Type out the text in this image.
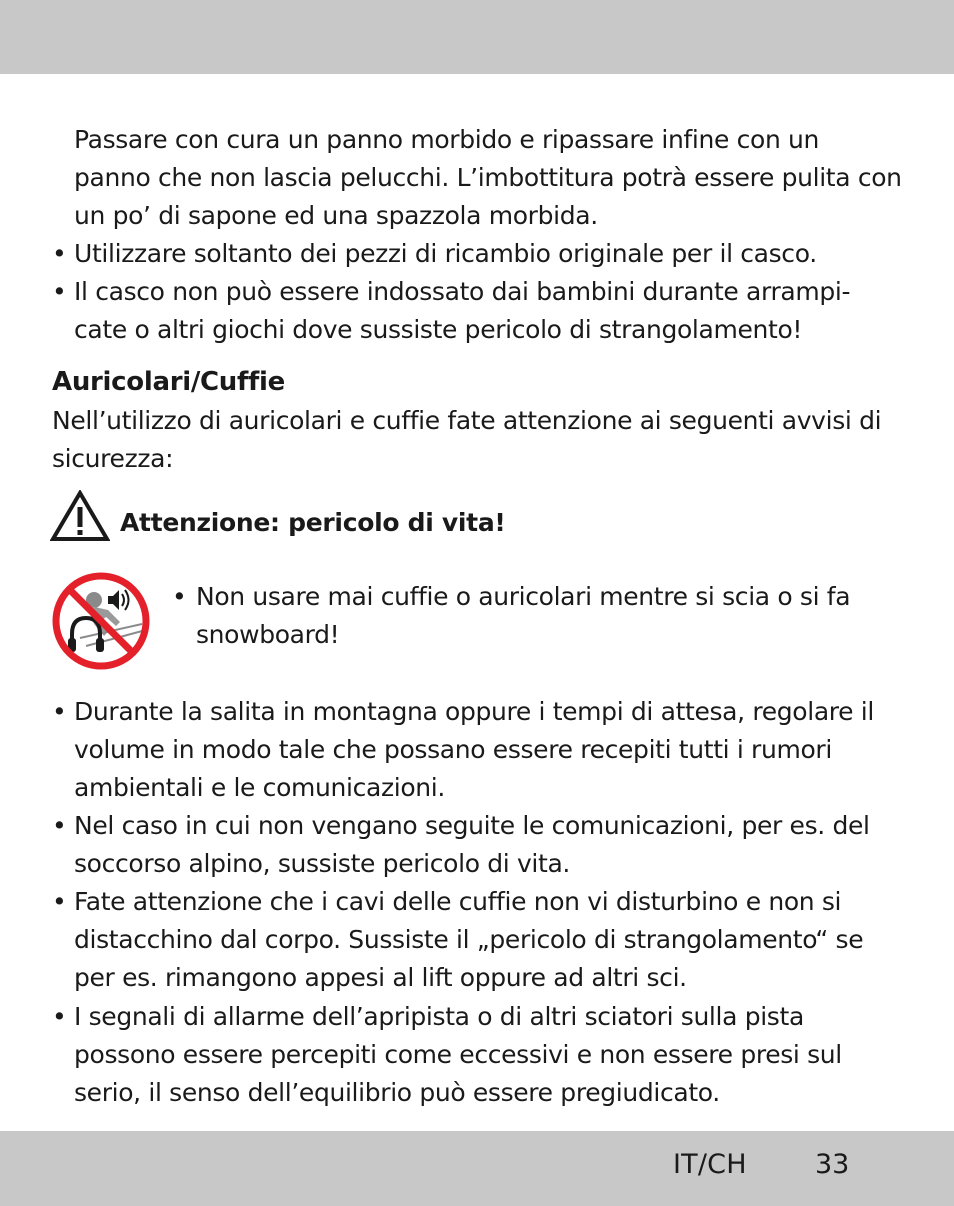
Passare con cura un panno morbido e ripassare infine con un
panno che non lascia pelucchi. L’imbottitura potrà essere pulita con
un po’ di sapone ed una spazzola morbida.
• Utilizzare soltanto dei pezzi di ricambio originale per il casco.
• Il casco non può essere indossato dai bambini durante arrampi-
cate o altri giochi dove sussiste pericolo di strangolamento!
Auricolari/Cuffie
Nell’utilizzo di auricolari e cuffie fate attenzione ai seguenti avvisi di
sicurezza:
Attenzione: pericolo di vita!
• Non usare mai cuffie o auricolari mentre si scia o si fa
snowboard!
• Durante la salita in montagna oppure i tempi di attesa, regolare il
volume in modo tale che possano essere recepiti tutti i rumori
ambientali e le comunicazioni.
• Nel caso in cui non vengano seguite le comunicazioni, per es. del
soccorso alpino, sussiste pericolo di vita.
• Fate attenzione che i cavi delle cuffie non vi disturbino e non si
distacchino dal corpo. Sussiste il „pericolo di strangolamento“ se
per es. rimangono appesi al lift oppure ad altri sci.
• I segnali di allarme dell’apripista o di altri sciatori sulla pista
possono essere percepiti come eccessivi e non essere presi sul
serio, il senso dell’equilibrio può essere pregiudicato.
IT/CH	33
